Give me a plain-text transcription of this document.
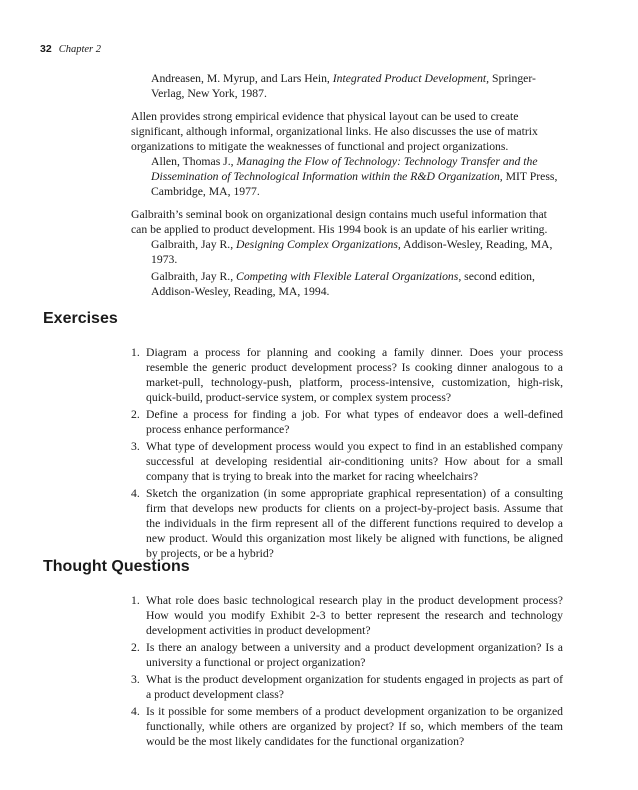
32 Chapter 2

Andreasen, M. Myrup, and Lars Hein, Integrated Product Development, Springer-Verlag, New York, 1987.

Allen provides strong empirical evidence that physical layout can be used to create significant, although informal, organizational links. He also discusses the use of matrix organizations to mitigate the weaknesses of functional and project organizations.

Allen, Thomas J., Managing the Flow of Technology: Technology Transfer and the Dissemination of Technological Information within the R&D Organization, MIT Press, Cambridge, MA, 1977.

Galbraith’s seminal book on organizational design contains much useful information that can be applied to product development. His 1994 book is an update of his earlier writing.

Galbraith, Jay R., Designing Complex Organizations, Addison-Wesley, Reading, MA, 1973.

Galbraith, Jay R., Competing with Flexible Lateral Organizations, second edition, Addison-Wesley, Reading, MA, 1994.

Exercises
1. Diagram a process for planning and cooking a family dinner. Does your process resemble the generic product development process? Is cooking dinner analogous to a market-pull, technology-push, platform, process-intensive, customization, high-risk, quick-build, product-service system, or complex system process?
2. Define a process for finding a job. For what types of endeavor does a well-defined process enhance performance?
3. What type of development process would you expect to find in an established company successful at developing residential air-conditioning units? How about for a small company that is trying to break into the market for racing wheelchairs?
4. Sketch the organization (in some appropriate graphical representation) of a consulting firm that develops new products for clients on a project-by-project basis. Assume that the individuals in the firm represent all of the different functions required to develop a new product. Would this organization most likely be aligned with functions, be aligned by projects, or be a hybrid?
Thought Questions
1. What role does basic technological research play in the product development process? How would you modify Exhibit 2-3 to better represent the research and technology development activities in product development?
2. Is there an analogy between a university and a product development organization? Is a university a functional or project organization?
3. What is the product development organization for students engaged in projects as part of a product development class?
4. Is it possible for some members of a product development organization to be organized functionally, while others are organized by project? If so, which members of the team would be the most likely candidates for the functional organization?
